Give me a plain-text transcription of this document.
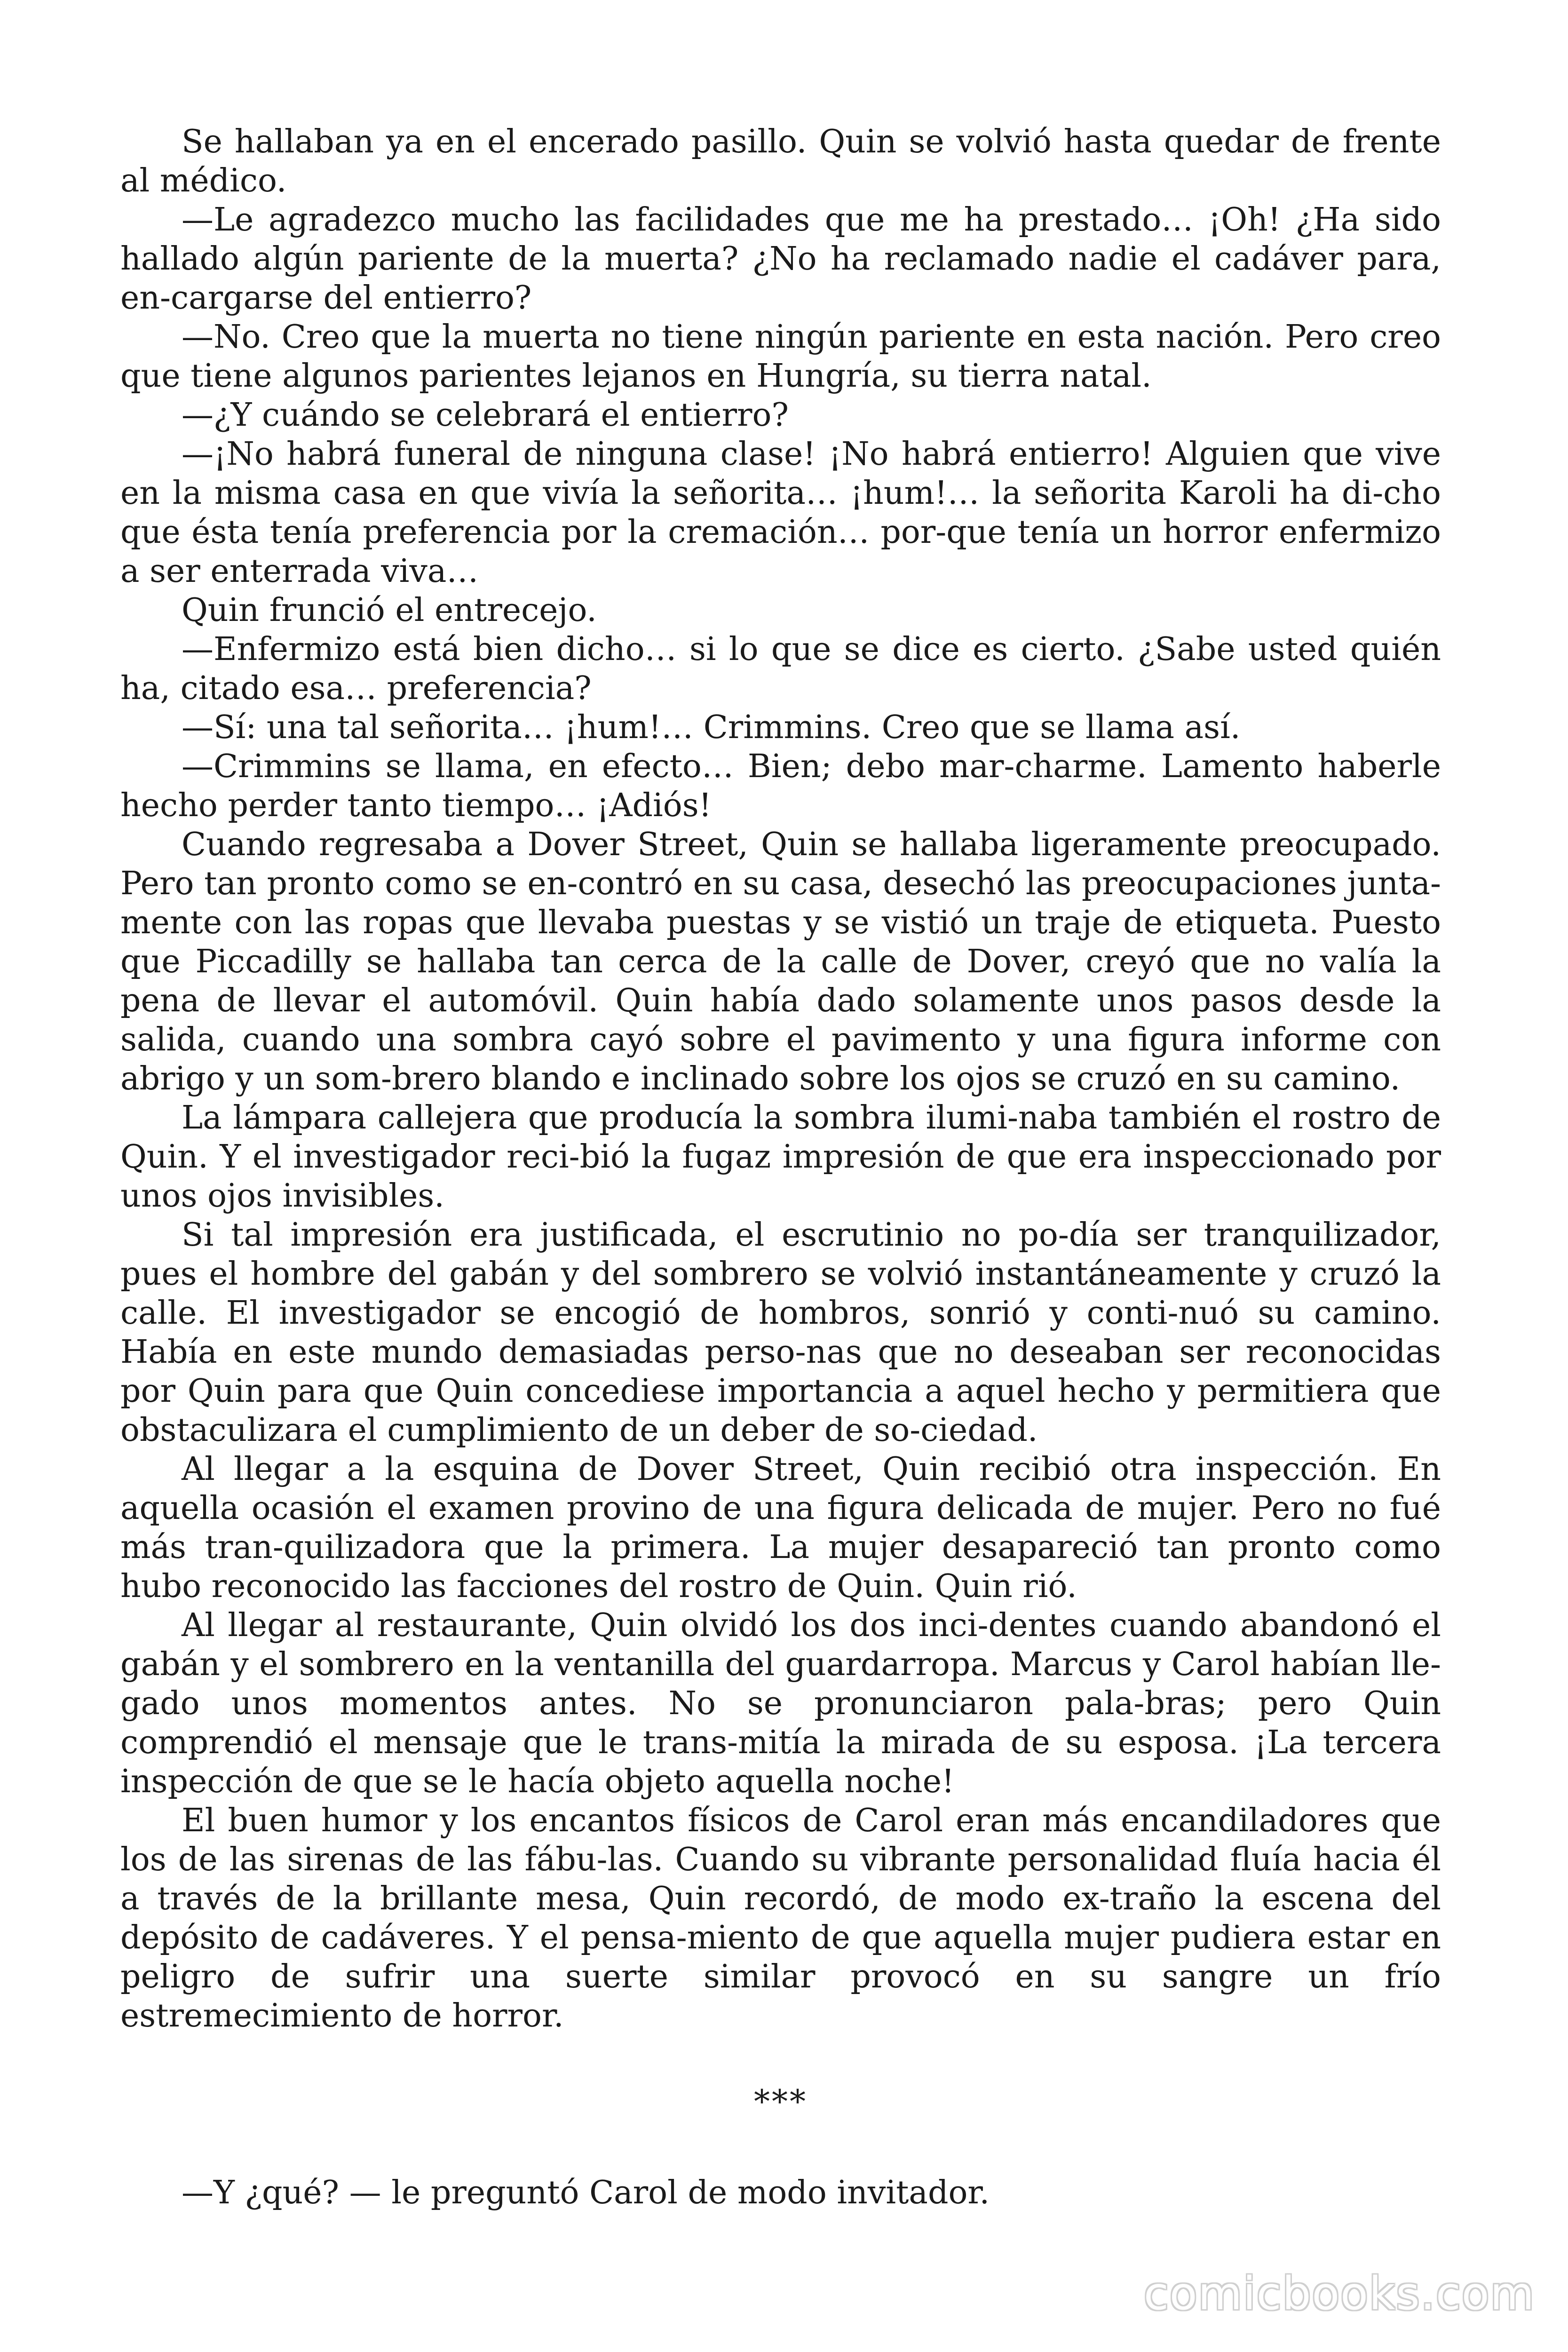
Se hallaban ya en el encerado pasillo. Quin se volvió hasta quedar de frente al médico.

—Le agradezco mucho las facilidades que me ha prestado… ¡Oh! ¿Ha sido hallado algún pariente de la muerta? ¿No ha reclamado nadie el cadáver para, en-cargarse del entierro?

—No. Creo que la muerta no tiene ningún pariente en esta nación. Pero creo que tiene algunos parientes lejanos en Hungría, su tierra natal.

—¿Y cuándo se celebrará el entierro?

—¡No habrá funeral de ninguna clase! ¡No habrá entierro! Alguien que vive en la misma casa en que vivía la señorita… ¡hum!… la señorita Karoli ha di-cho que ésta tenía preferencia por la cremación… por-que tenía un horror enfermizo a ser enterrada viva…

Quin frunció el entrecejo.

—Enfermizo está bien dicho… si lo que se dice es cierto. ¿Sabe usted quién ha, citado esa… preferencia?

—Sí: una tal señorita… ¡hum!… Crimmins. Creo que se llama así.

—Crimmins se llama, en efecto… Bien; debo mar-charme. Lamento haberle hecho perder tanto tiempo… ¡Adiós!

Cuando regresaba a Dover Street, Quin se hallaba ligeramente preocupado. Pero tan pronto como se en-contró en su casa, desechó las preocupaciones junta-mente con las ropas que llevaba puestas y se vistió un traje de etiqueta. Puesto que Piccadilly se hallaba tan cerca de la calle de Dover, creyó que no valía la pena de llevar el automóvil. Quin había dado solamente unos pasos desde la salida, cuando una sombra cayó sobre el pavimento y una figura informe con abrigo y un som-brero blando e inclinado sobre los ojos se cruzó en su camino.

La lámpara callejera que producía la sombra ilumi-naba también el rostro de Quin. Y el investigador reci-bió la fugaz impresión de que era inspeccionado por unos ojos invisibles.

Si tal impresión era justificada, el escrutinio no po-día ser tranquilizador, pues el hombre del gabán y del sombrero se volvió instantáneamente y cruzó la calle. El investigador se encogió de hombros, sonrió y conti-nuó su camino. Había en este mundo demasiadas perso-nas que no deseaban ser reconocidas por Quin para que Quin concediese importancia a aquel hecho y permitiera que obstaculizara el cumplimiento de un deber de so-ciedad.

Al llegar a la esquina de Dover Street, Quin recibió otra inspección. En aquella ocasión el examen provino de una figura delicada de mujer. Pero no fué más tran-quilizadora que la primera. La mujer desapareció tan pronto como hubo reconocido las facciones del rostro de Quin. Quin rió.

Al llegar al restaurante, Quin olvidó los dos inci-dentes cuando abandonó el gabán y el sombrero en la ventanilla del guardarropa. Marcus y Carol habían lle-gado unos momentos antes. No se pronunciaron pala-bras; pero Quin comprendió el mensaje que le trans-mitía la mirada de su esposa. ¡La tercera inspección de que se le hacía objeto aquella noche!

El buen humor y los encantos físicos de Carol eran más encandiladores que los de las sirenas de las fábu-las. Cuando su vibrante personalidad fluía hacia él a través de la brillante mesa, Quin recordó, de modo ex-traño la escena del depósito de cadáveres. Y el pensa-miento de que aquella mujer pudiera estar en peligro de sufrir una suerte similar provocó en su sangre un frío estremecimiento de horror.

***

—Y ¿qué? — le preguntó Carol de modo invitador.

comicbooks.com
